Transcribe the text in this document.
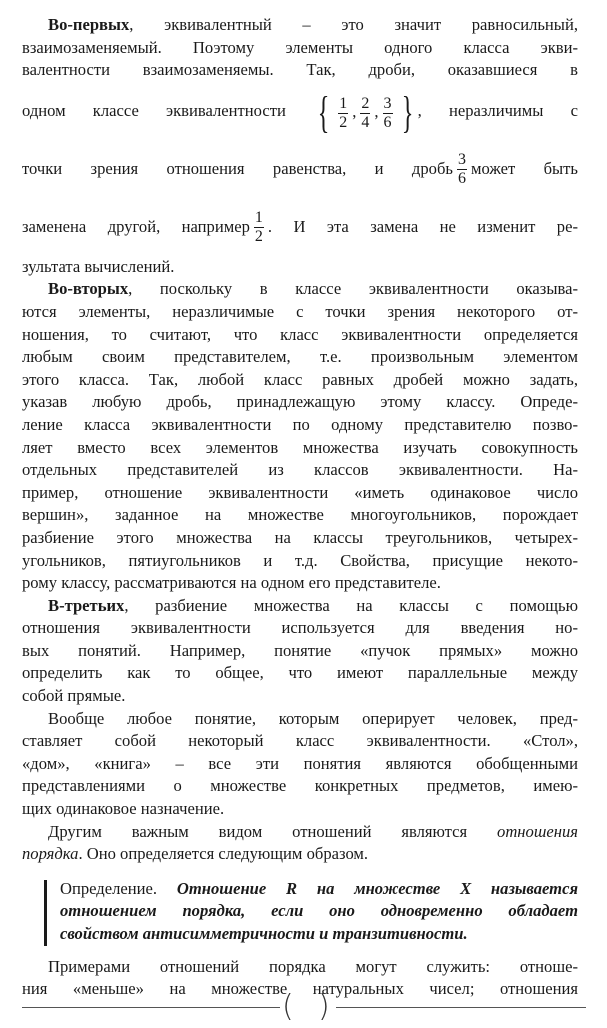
Во-первых, эквивалентный – это значит равносильный,
взаимозаменяемый. Поэтому элементы одного класса экви-
валентности взаимозаменяемы. Так, дроби, оказавшиеся в
одном классе эквивалентности { $\frac{1}{2}$ , $\frac{2}{4}$ , $\frac{3}{6}$ } , неразличимы с
точки зрения отношения равенства, и дробь $\frac{3}{6}$ может быть
заменена другой, например $\frac{1}{2}$ . И эта замена не изменит ре-
зультата вычислений.

Во-вторых, поскольку в классе эквивалентности оказыва-
ются элементы, неразличимые с точки зрения некоторого от-
ношения, то считают, что класс эквивалентности определяется
любым своим представителем, т.е. произвольным элементом
этого класса. Так, любой класс равных дробей можно задать,
указав любую дробь, принадлежащую этому классу. Опреде-
ление класса эквивалентности по одному представителю позво-
ляет вместо всех элементов множества изучать совокупность
отдельных представителей из классов эквивалентности. На-
пример, отношение эквивалентности «иметь одинаковое число
вершин», заданное на множестве многоугольников, порождает
разбиение этого множества на классы треугольников, четырех-
угольников, пятиугольников и т.д. Свойства, присущие некото-
рому классу, рассматриваются на одном его представителе.

В-третьих, разбиение множества на классы с помощью
отношения эквивалентности используется для введения но-
вых понятий. Например, понятие «пучок прямых» можно
определить как то общее, что имеют параллельные между
собой прямые.

Вообще любое понятие, которым оперирует человек, пред-
ставляет собой некоторый класс эквивалентности. «Стол»,
«дом», «книга» – все эти понятия являются обобщенными
представлениями о множестве конкретных предметов, имею-
щих одинаковое назначение.

Другим важным видом отношений являются отношения
порядка. Оно определяется следующим образом.

Определение. Отношение R на множестве X называется
отношением порядка, если оно одновременно обладает
свойством антисимметричности и транзитивности.

Примерами отношений порядка могут служить: отноше-
ния «меньше» на множестве натуральных чисел; отношения

( )
